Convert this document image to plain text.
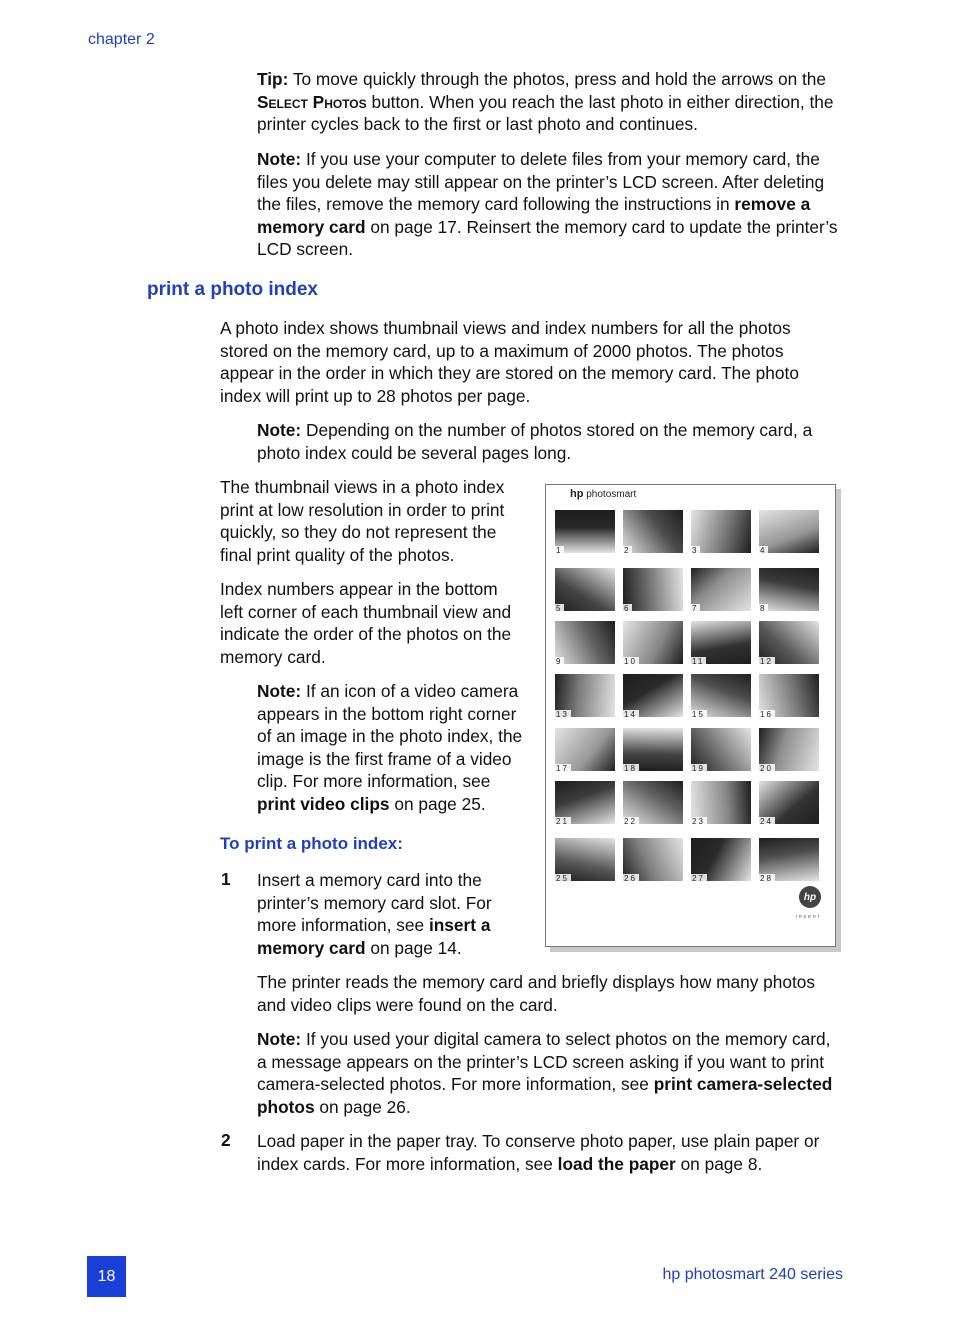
chapter 2

Tip: To move quickly through the photos, press and hold the arrows on the Select Photos button. When you reach the last photo in either direction, the printer cycles back to the first or last photo and continues.

Note: If you use your computer to delete files from your memory card, the files you delete may still appear on the printer’s LCD screen. After deleting the files, remove the memory card following the instructions in remove a memory card on page 17. Reinsert the memory card to update the printer’s LCD screen.

print a photo index

A photo index shows thumbnail views and index numbers for all the photos stored on the memory card, up to a maximum of 2000 photos. The photos appear in the order in which they are stored on the memory card. The photo index will print up to 28 photos per page.

Note: Depending on the number of photos stored on the memory card, a photo index could be several pages long.

The thumbnail views in a photo index print at low resolution in order to print quickly, so they do not represent the final print quality of the photos.

Index numbers appear in the bottom left corner of each thumbnail view and indicate the order of the photos on the memory card.

Note: If an icon of a video camera appears in the bottom right corner of an image in the photo index, the image is the first frame of a video clip. For more information, see print video clips on page 25.

To print a photo index:
1 Insert a memory card into the printer’s memory card slot. For more information, see insert a memory card on page 14.

The printer reads the memory card and briefly displays how many photos and video clips were found on the card.

Note: If you used your digital camera to select photos on the memory card, a message appears on the printer’s LCD screen asking if you want to print camera-selected photos. For more information, see print camera-selected photos on page 26.

2 Load paper in the paper tray. To conserve photo paper, use plain paper or index cards. For more information, see load the paper on page 8.

hp photosmart
1	2	3	4
5	6	7	8
9	10	11	12
13	14	15	16
17	18	19	20
21	22	23	24
25	26	27	28
hp
invent
18	hp photosmart 240 series
